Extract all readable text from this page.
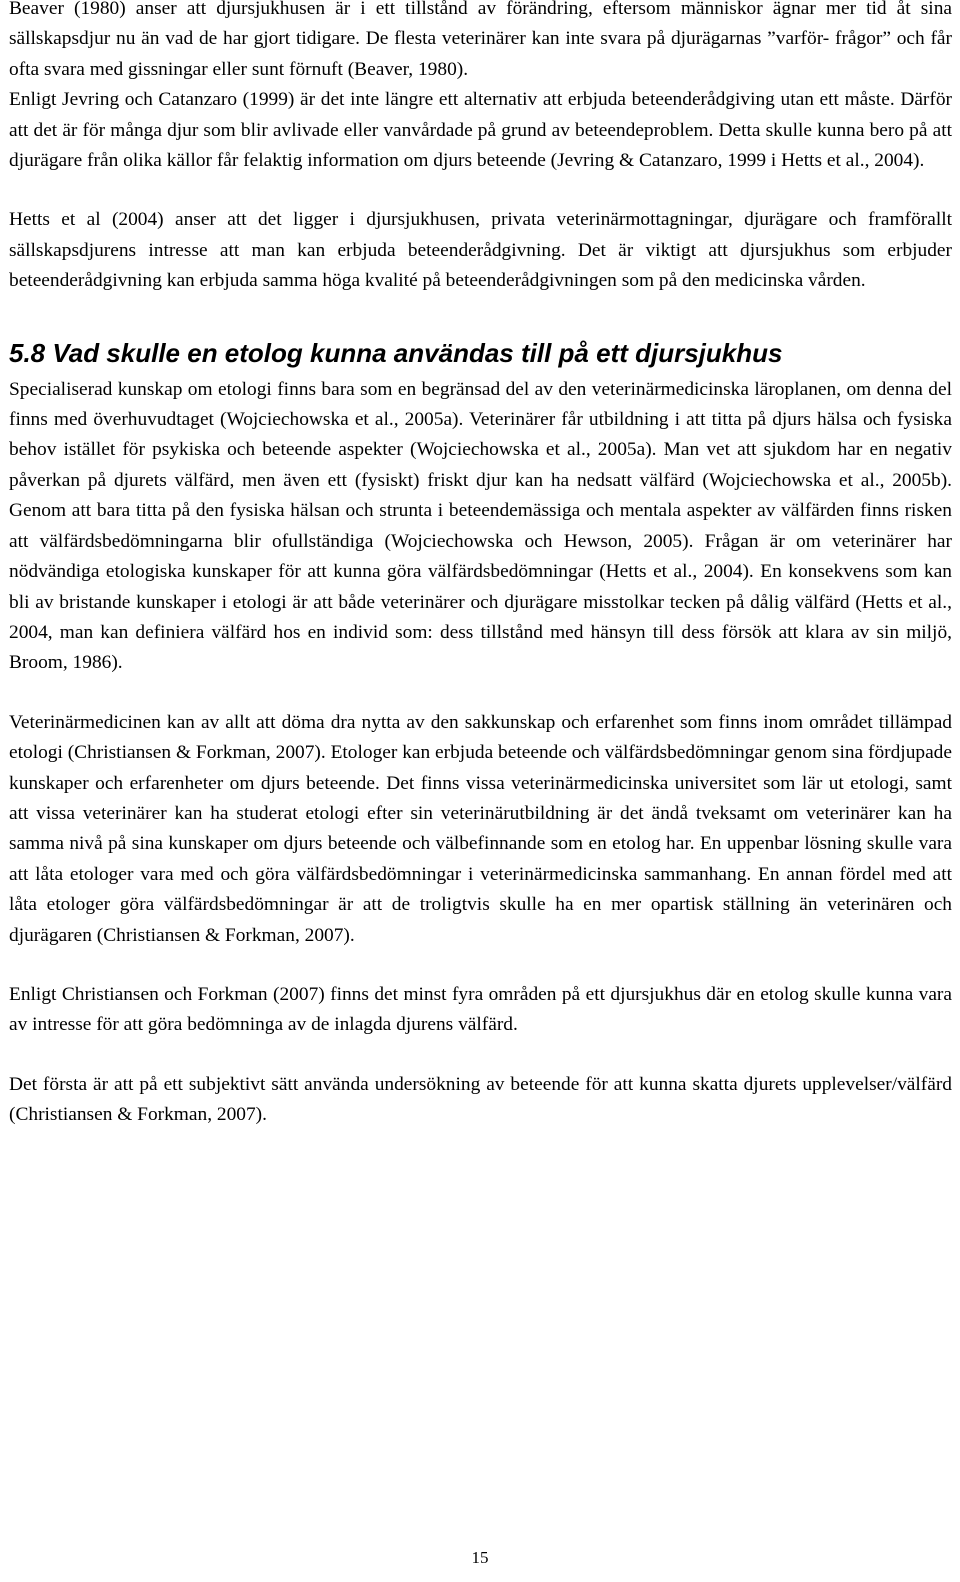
Beaver (1980) anser att djursjukhusen är i ett tillstånd av förändring, eftersom människor ägnar mer tid åt sina sällskapsdjur nu än vad de har gjort tidigare. De flesta veterinärer kan inte svara på djurägarnas ”varför- frågor” och får ofta svara med gissningar eller sunt förnuft (Beaver, 1980).

Enligt Jevring och Catanzaro (1999) är det inte längre ett alternativ att erbjuda beteenderådgiving utan ett måste. Därför att det är för många djur som blir avlivade eller vanvårdade på grund av beteendeproblem. Detta skulle kunna bero på att djurägare från olika källor får felaktig information om djurs beteende (Jevring & Catanzaro, 1999 i Hetts et al., 2004).

Hetts et al (2004) anser att det ligger i djursjukhusen, privata veterinärmottagningar, djurägare och framförallt sällskapsdjurens intresse att man kan erbjuda beteenderådgivning. Det är viktigt att djursjukhus som erbjuder beteenderådgivning kan erbjuda samma höga kvalité på beteenderådgivningen som på den medicinska vården.

5.8 Vad skulle en etolog kunna användas till på ett djursjukhus

Specialiserad kunskap om etologi finns bara som en begränsad del av den veterinärmedicinska läroplanen, om denna del finns med överhuvudtaget (Wojciechowska et al., 2005a). Veterinärer får utbildning i att titta på djurs hälsa och fysiska behov istället för psykiska och beteende aspekter (Wojciechowska et al., 2005a). Man vet att sjukdom har en negativ påverkan på djurets välfärd, men även ett (fysiskt) friskt djur kan ha nedsatt välfärd (Wojciechowska et al., 2005b). Genom att bara titta på den fysiska hälsan och strunta i beteendemässiga och mentala aspekter av välfärden finns risken att välfärdsbedömningarna blir ofullständiga (Wojciechowska och Hewson, 2005). Frågan är om veterinärer har nödvändiga etologiska kunskaper för att kunna göra välfärdsbedömningar (Hetts et al., 2004). En konsekvens som kan bli av bristande kunskaper i etologi är att både veterinärer och djurägare misstolkar tecken på dålig välfärd (Hetts et al., 2004, man kan definiera välfärd hos en individ som: dess tillstånd med hänsyn till dess försök att klara av sin miljö, Broom, 1986).

Veterinärmedicinen kan av allt att döma dra nytta av den sakkunskap och erfarenhet som finns inom området tillämpad etologi (Christiansen & Forkman, 2007). Etologer kan erbjuda beteende och välfärdsbedömningar genom sina fördjupade kunskaper och erfarenheter om djurs beteende. Det finns vissa veterinärmedicinska universitet som lär ut etologi, samt att vissa veterinärer kan ha studerat etologi efter sin veterinärutbildning är det ändå tveksamt om veterinärer kan ha samma nivå på sina kunskaper om djurs beteende och välbefinnande som en etolog har. En uppenbar lösning skulle vara att låta etologer vara med och göra välfärdsbedömningar i veterinärmedicinska sammanhang. En annan fördel med att låta etologer göra välfärdsbedömningar är att de troligtvis skulle ha en mer opartisk ställning än veterinären och djurägaren (Christiansen & Forkman, 2007).

Enligt Christiansen och Forkman (2007) finns det minst fyra områden på ett djursjukhus där en etolog skulle kunna vara av intresse för att göra bedömninga av de inlagda djurens välfärd.

Det första är att på ett subjektivt sätt använda undersökning av beteende för att kunna skatta djurets upplevelser/välfärd (Christiansen & Forkman, 2007).

15
